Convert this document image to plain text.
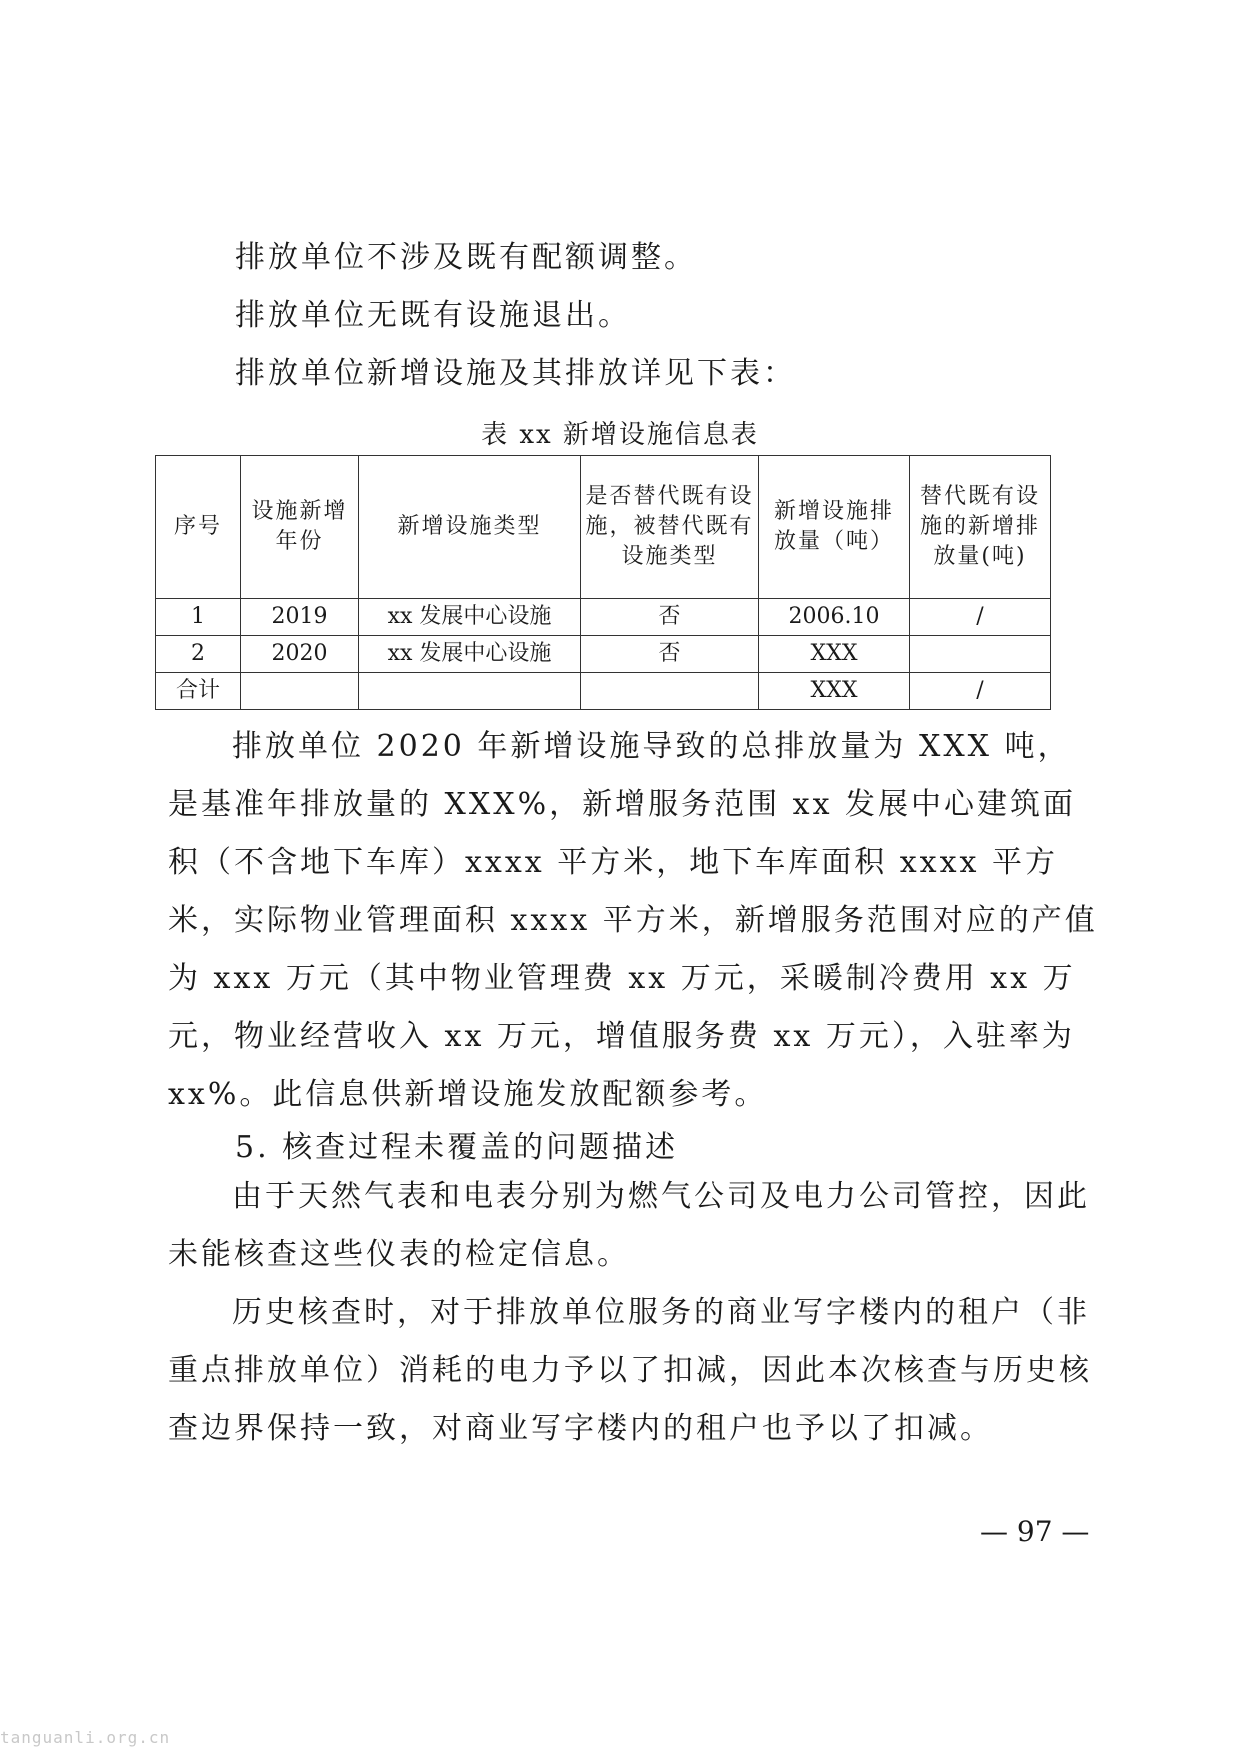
排放单位不涉及既有配额调整。
排放单位无既有设施退出。
排放单位新增设施及其排放详见下表：
表 xx 新增设施信息表
序号	设施新增年份	新增设施类型	是否替代既有设施，被替代既有设施类型	新增设施排放量（吨）	替代既有设施的新增排放量(吨)
1	2019	xx 发展中心设施	否	2006.10	/
2	2020	xx 发展中心设施	否	XXX	
合计				XXX	/

排放单位 2020 年新增设施导致的总排放量为 XXX 吨，是基准年排放量的 XXX%，新增服务范围 xx 发展中心建筑面积（不含地下车库）xxxx 平方米，地下车库面积 xxxx 平方米，实际物业管理面积 xxxx 平方米，新增服务范围对应的产值为 xxx 万元（其中物业管理费 xx 万元，采暖制冷费用 xx 万元，物业经营收入 xx 万元，增值服务费 xx 万元），入驻率为 xx%。此信息供新增设施发放配额参考。

5. 核查过程未覆盖的问题描述

由于天然气表和电表分别为燃气公司及电力公司管控，因此未能核查这些仪表的检定信息。

历史核查时，对于排放单位服务的商业写字楼内的租户（非重点排放单位）消耗的电力予以了扣减，因此本次核查与历史核查边界保持一致，对商业写字楼内的租户也予以了扣减。

— 97 —
tanguanli.org.cn
